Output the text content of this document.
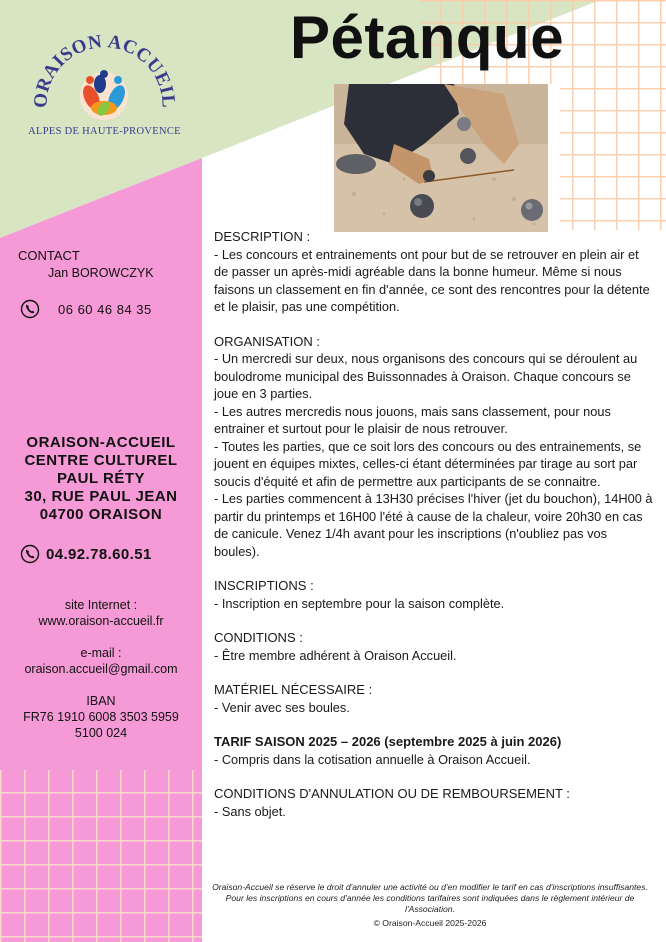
ORAISON ACCUEIL
ALPES DE HAUTE-PROVENCE
Pétanque
CONTACT
Jan BOROWCZYK
06 60 46 84 35
ORAISON-ACCUEIL
CENTRE CULTUREL
PAUL RÉTY
30, RUE PAUL JEAN
04700 ORAISON
04.92.78.60.51
site Internet :
www.oraison-accueil.fr
e-mail :
oraison.accueil@gmail.com
IBAN
FR76 1910 6008 3503 5959
5100 024
DESCRIPTION :

- Les concours et entrainements ont pour but de se retrouver en plein air et de passer un après-midi agréable dans la bonne humeur. Même si nous faisons un classement en fin d'année, ce sont des rencontres pour la détente et le plaisir, pas une compétition.

ORGANISATION :

- Un mercredi sur deux, nous organisons des concours qui se déroulent au boulodrome municipal des Buissonnades à Oraison. Chaque concours se joue en 3 parties.

- Les autres mercredis nous jouons, mais sans classement, pour nous entrainer et surtout pour le plaisir de nous retrouver.

- Toutes les parties, que ce soit lors des concours ou des entrainements, se jouent en équipes mixtes, celles-ci étant déterminées par tirage au sort par soucis d'équité et afin de permettre aux participants de se connaitre.

- Les parties commencent à 13H30 précises l'hiver (jet du bouchon), 14H00 à partir du printemps et 16H00 l'été à cause de la chaleur, voire 20h30 en cas de canicule. Venez 1/4h avant pour les inscriptions (n'oubliez pas vos boules).

INSCRIPTIONS :

- Inscription en septembre pour la saison complète.

CONDITIONS :

- Être membre adhérent à Oraison Accueil.

MATÉRIEL NÉCESSAIRE :

- Venir avec ses boules.

TARIF SAISON 2025 – 2026 (septembre 2025 à juin 2026)

- Compris dans la cotisation annuelle à Oraison Accueil.

CONDITIONS D'ANNULATION OU DE REMBOURSEMENT :

- Sans objet.

Oraison-Accueil se réserve le droit d'annuler une activité ou d'en modifier le tarif en cas d'inscriptions insuffisantes. Pour les inscriptions en cours d'année les conditions tarifaires sont indiquées dans le règlement intérieur de l'Association.
© Oraison-Accueil 2025-2026
